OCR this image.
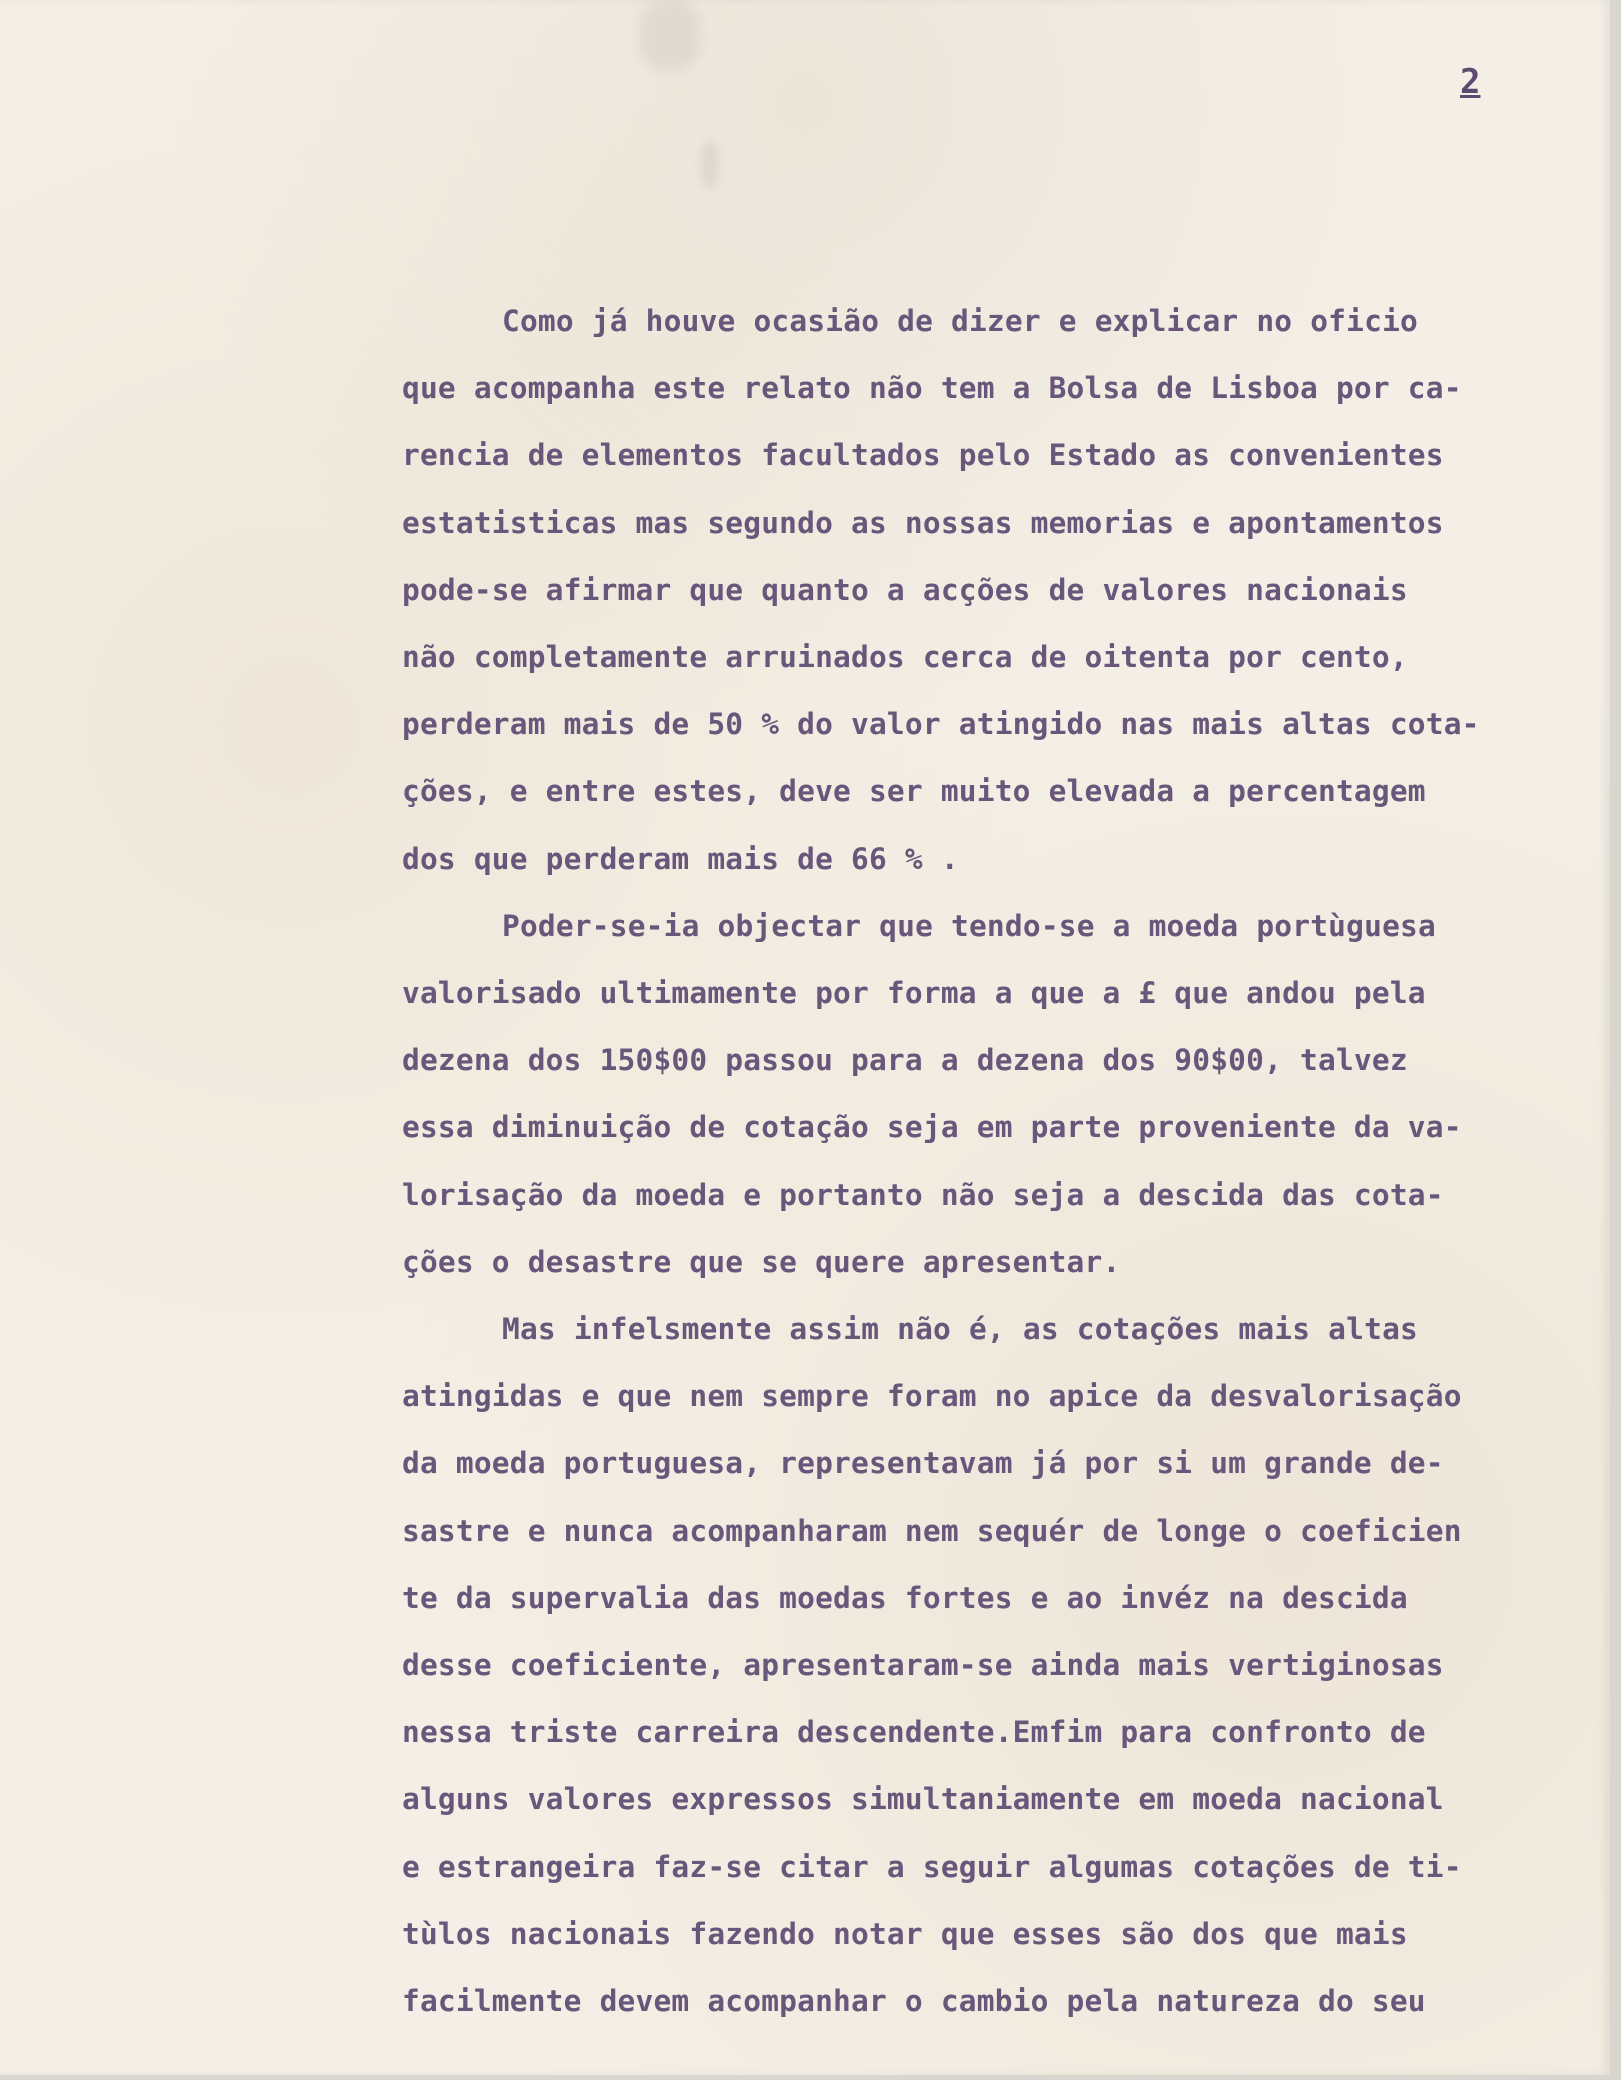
2
Como já houve ocasião de dizer e explicar no oficio
que acompanha este relato não tem a Bolsa de Lisboa por ca-
rencia de elementos facultados pelo Estado as convenientes
estatisticas mas segundo as nossas memorias e apontamentos
pode-se afirmar que quanto a acções de valores nacionais
não completamente arruinados cerca de oitenta por cento,
perderam mais de 50 % do valor atingido nas mais altas cota-
ções, e entre estes, deve ser muito elevada a percentagem
dos que perderam mais de 66 % .
Poder-se-ia objectar que tendo-se a moeda portùguesa
valorisado ultimamente por forma a que a £ que andou pela
dezena dos 150$00 passou para a dezena dos 90$00, talvez
essa diminuição de cotação seja em parte proveniente da va-
lorisação da moeda e portanto não seja a descida das cota-
ções o desastre que se quere apresentar.
Mas infelsmente assim não é, as cotações mais altas
atingidas e que nem sempre foram no apice da desvalorisação
da moeda portuguesa, representavam já por si um grande de-
sastre e nunca acompanharam nem sequér de longe o coeficien
te da supervalia das moedas fortes e ao invéz na descida
desse coeficiente, apresentaram-se ainda mais vertiginosas
nessa triste carreira descendente.Emfim para confronto de
alguns valores expressos simultaniamente em moeda nacional
e estrangeira faz-se citar a seguir algumas cotações de ti-
tùlos nacionais fazendo notar que esses são dos que mais
facilmente devem acompanhar o cambio pela natureza do seu
